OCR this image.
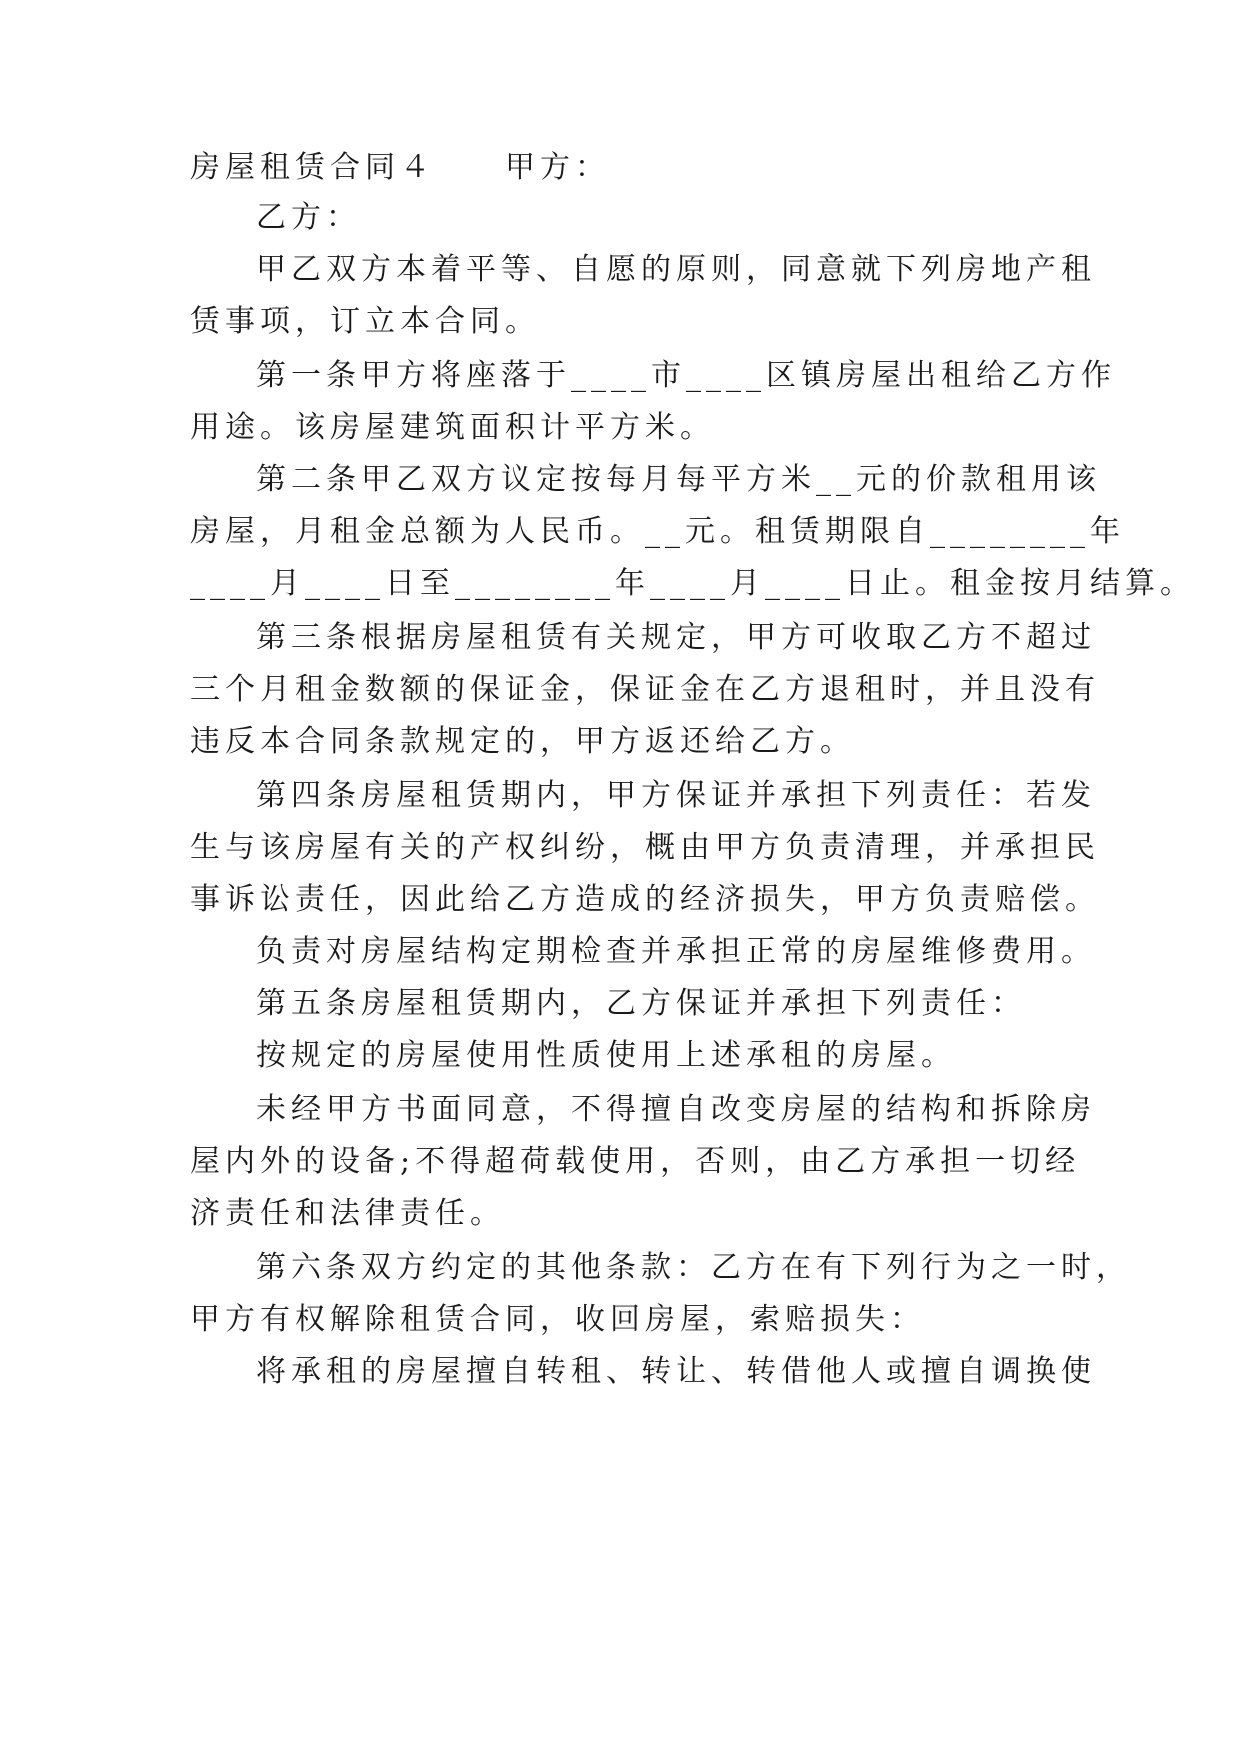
房屋租赁合同４ 甲方：
乙方：
甲乙双方本着平等、自愿的原则，同意就下列房地产租
赁事项，订立本合同。
第一条甲方将座落于____市____区镇房屋出租给乙方作
用途。该房屋建筑面积计平方米。
第二条甲乙双方议定按每月每平方米__元的价款租用该
房屋，月租金总额为人民币。__元。租赁期限自________年
____月____日至________年____月____日止。租金按月结算。
第三条根据房屋租赁有关规定，甲方可收取乙方不超过
三个月租金数额的保证金，保证金在乙方退租时，并且没有
违反本合同条款规定的，甲方返还给乙方。
第四条房屋租赁期内，甲方保证并承担下列责任：若发
生与该房屋有关的产权纠纷，概由甲方负责清理，并承担民
事诉讼责任，因此给乙方造成的经济损失，甲方负责赔偿。
负责对房屋结构定期检查并承担正常的房屋维修费用。
第五条房屋租赁期内，乙方保证并承担下列责任：
按规定的房屋使用性质使用上述承租的房屋。
未经甲方书面同意，不得擅自改变房屋的结构和拆除房
屋内外的设备;不得超荷载使用，否则，由乙方承担一切经
济责任和法律责任。
第六条双方约定的其他条款：乙方在有下列行为之一时，
甲方有权解除租赁合同，收回房屋，索赔损失：
将承租的房屋擅自转租、转让、转借他人或擅自调换使
